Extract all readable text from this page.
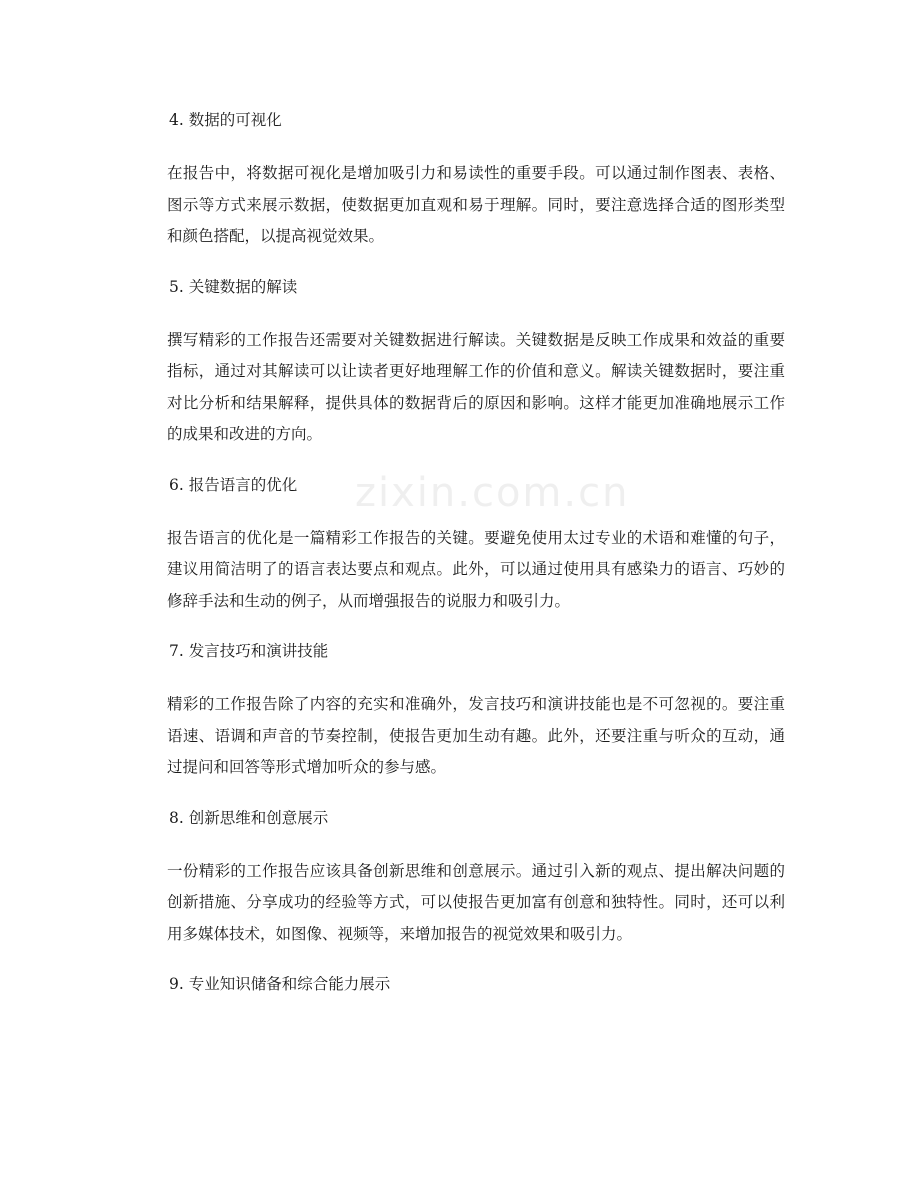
zixin.com.cn
4. 数据的可视化

在报告中，将数据可视化是增加吸引力和易读性的重要手段。可以通过制作图表、表格、图示等方式来展示数据，使数据更加直观和易于理解。同时，要注意选择合适的图形类型和颜色搭配，以提高视觉效果。

5. 关键数据的解读

撰写精彩的工作报告还需要对关键数据进行解读。关键数据是反映工作成果和效益的重要指标，通过对其解读可以让读者更好地理解工作的价值和意义。解读关键数据时，要注重对比分析和结果解释，提供具体的数据背后的原因和影响。这样才能更加准确地展示工作的成果和改进的方向。

6. 报告语言的优化

报告语言的优化是一篇精彩工作报告的关键。要避免使用太过专业的术语和难懂的句子，建议用简洁明了的语言表达要点和观点。此外，可以通过使用具有感染力的语言、巧妙的修辞手法和生动的例子，从而增强报告的说服力和吸引力。

7. 发言技巧和演讲技能

精彩的工作报告除了内容的充实和准确外，发言技巧和演讲技能也是不可忽视的。要注重语速、语调和声音的节奏控制，使报告更加生动有趣。此外，还要注重与听众的互动，通过提问和回答等形式增加听众的参与感。

8. 创新思维和创意展示

一份精彩的工作报告应该具备创新思维和创意展示。通过引入新的观点、提出解决问题的创新措施、分享成功的经验等方式，可以使报告更加富有创意和独特性。同时，还可以利用多媒体技术，如图像、视频等，来增加报告的视觉效果和吸引力。

9. 专业知识储备和综合能力展示
